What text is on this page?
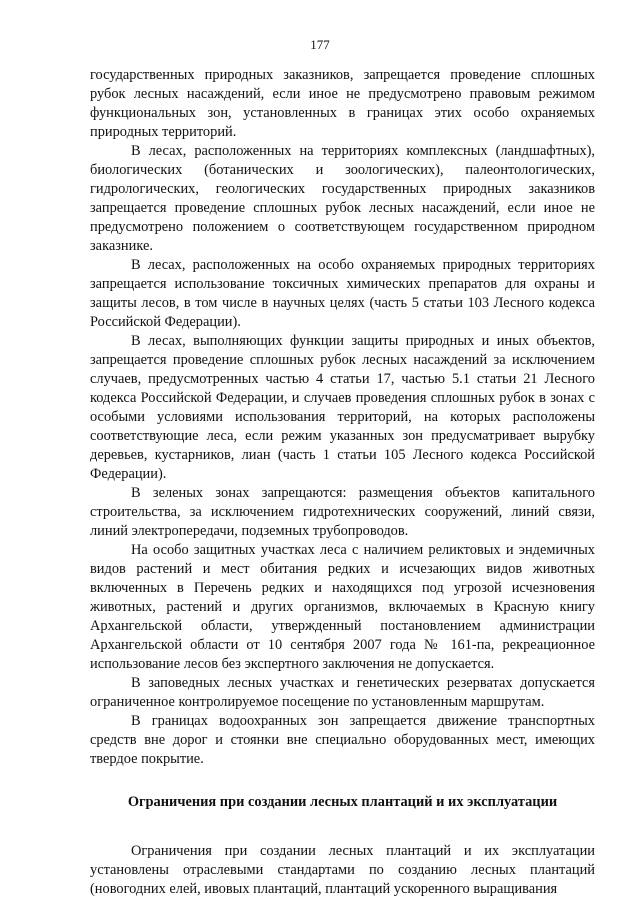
177

государственных природных заказников, запрещается проведение сплошных рубок лесных насаждений, если иное не предусмотрено правовым режимом функциональных зон, установленных в границах этих особо охраняемых природных территорий.

В лесах, расположенных на территориях комплексных (ландшафтных), биологических (ботанических и зоологических), палеонтологических, гидрологических, геологических государственных природных заказников запрещается проведение сплошных рубок лесных насаждений, если иное не предусмотрено положением о соответствующем государственном природном заказнике.

В лесах, расположенных на особо охраняемых природных территориях запрещается использование токсичных химических препаратов для охраны и защиты лесов, в том числе в научных целях (часть 5 статьи 103 Лесного кодекса Российской Федерации).

В лесах, выполняющих функции защиты природных и иных объектов, запрещается проведение сплошных рубок лесных насаждений за исключением случаев, предусмотренных частью 4 статьи 17, частью 5.1 статьи 21 Лесного кодекса Российской Федерации, и случаев проведения сплошных рубок в зонах с особыми условиями использования территорий, на которых расположены соответствующие леса, если режим указанных зон предусматривает вырубку деревьев, кустарников, лиан (часть 1 статьи 105 Лесного кодекса Российской Федерации).

В зеленых зонах запрещаются: размещения объектов капитального строительства, за исключением гидротехнических сооружений, линий связи, линий электропередачи, подземных трубопроводов.

На особо защитных участках леса с наличием реликтовых и эндемичных видов растений и мест обитания редких и исчезающих видов животных включенных в Перечень редких и находящихся под угрозой исчезновения животных, растений и других организмов, включаемых в Красную книгу Архангельской области, утвержденный постановлением администрации Архангельской области от 10 сентября 2007 года № 161-па, рекреационное использование лесов без экспертного заключения не допускается.

В заповедных лесных участках и генетических резерватах допускается ограниченное контролируемое посещение по установленным маршрутам.

В границах водоохранных зон запрещается движение транспортных средств вне дорог и стоянки вне специально оборудованных мест, имеющих твердое покрытие.

Ограничения при создании лесных плантаций и их эксплуатации

Ограничения при создании лесных плантаций и их эксплуатации установлены отраслевыми стандартами по созданию лесных плантаций (новогодних елей, ивовых плантаций, плантаций ускоренного выращивания
